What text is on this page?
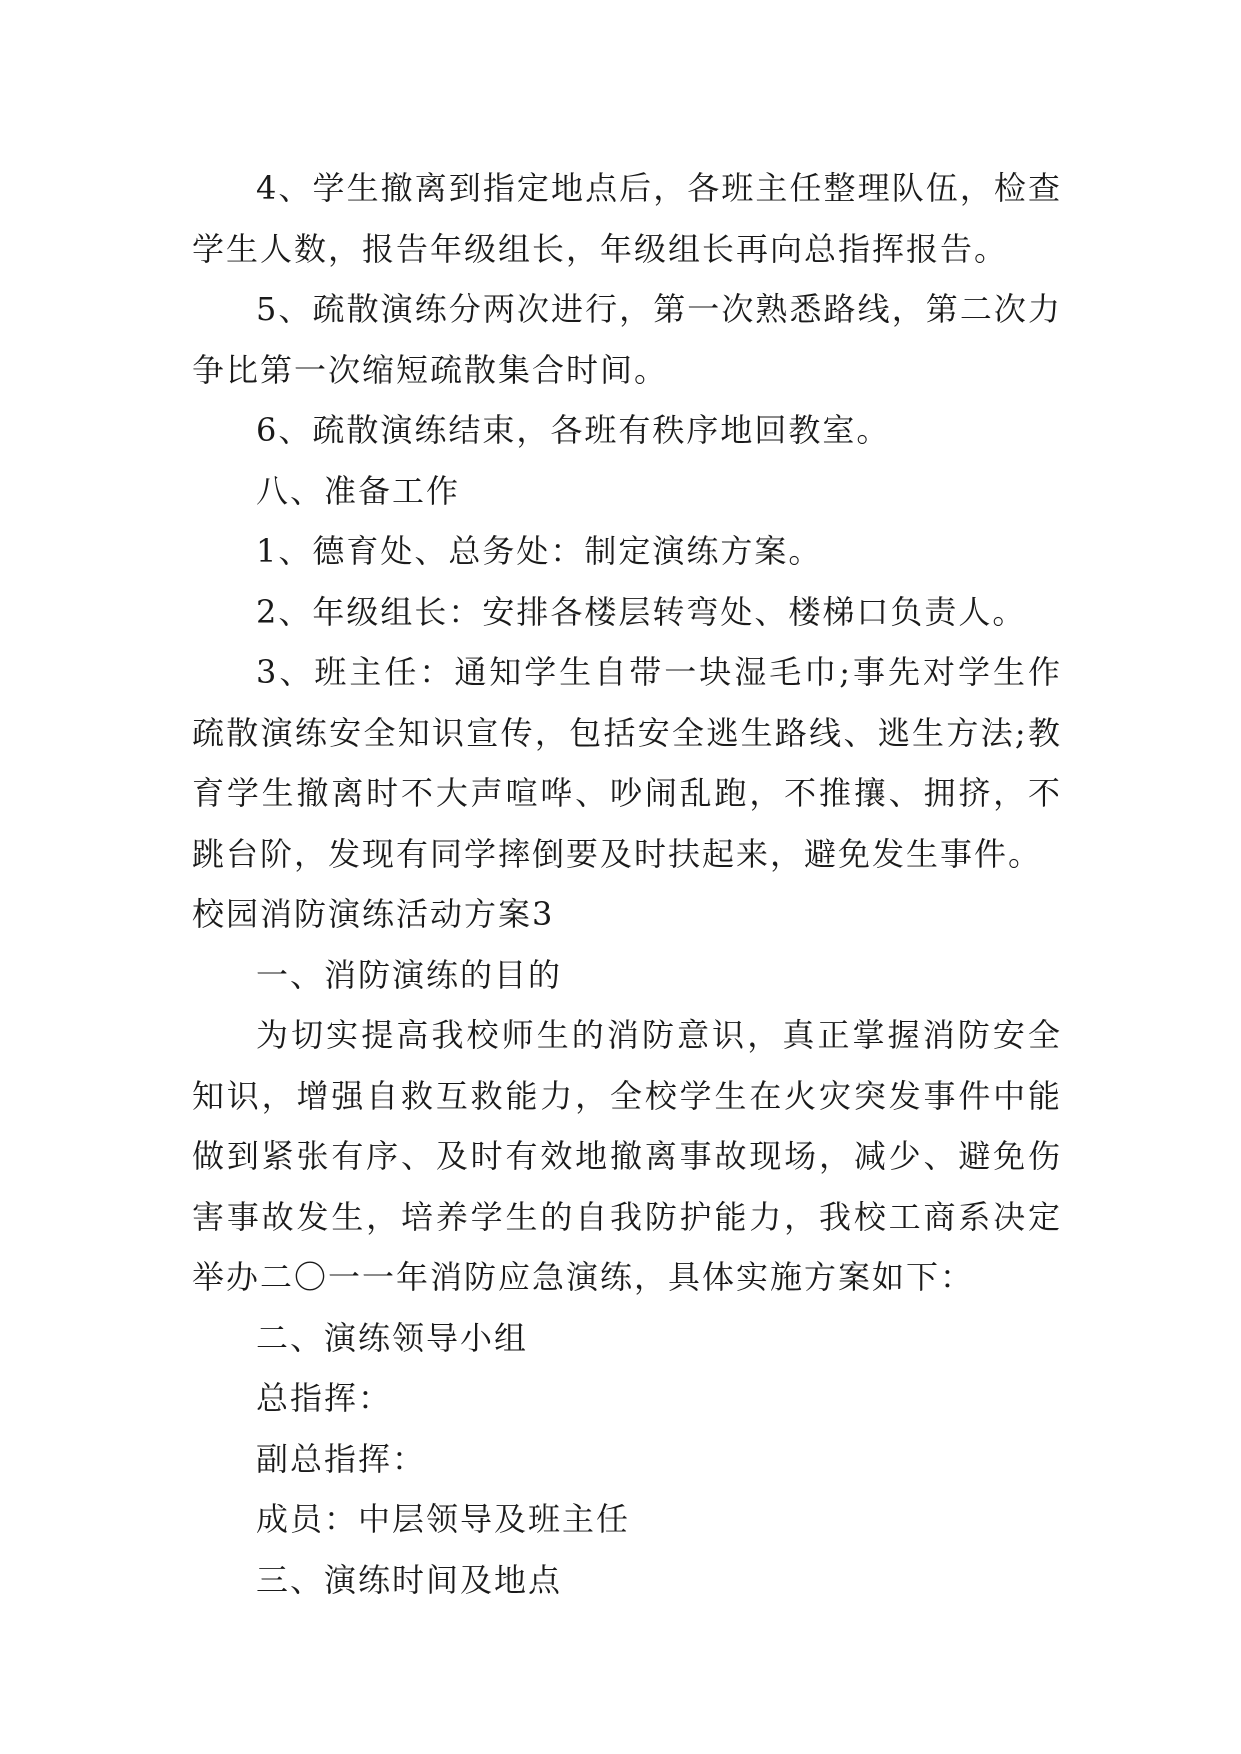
4、学生撤离到指定地点后，各班主任整理队伍，检查学生人数，报告年级组长，年级组长再向总指挥报告。

5、疏散演练分两次进行，第一次熟悉路线，第二次力争比第一次缩短疏散集合时间。

6、疏散演练结束，各班有秩序地回教室。

八、准备工作

1、德育处、总务处：制定演练方案。

2、年级组长：安排各楼层转弯处、楼梯口负责人。

3、班主任：通知学生自带一块湿毛巾;事先对学生作疏散演练安全知识宣传，包括安全逃生路线、逃生方法;教育学生撤离时不大声喧哗、吵闹乱跑，不推攘、拥挤，不跳台阶，发现有同学摔倒要及时扶起来，避免发生事件。

校园消防演练活动方案3

一、消防演练的目的

为切实提高我校师生的消防意识，真正掌握消防安全知识，增强自救互救能力，全校学生在火灾突发事件中能做到紧张有序、及时有效地撤离事故现场，减少、避免伤害事故发生，培养学生的自我防护能力，我校工商系决定举办二〇一一年消防应急演练，具体实施方案如下：

二、演练领导小组

总指挥：

副总指挥：

成员：中层领导及班主任

三、演练时间及地点
